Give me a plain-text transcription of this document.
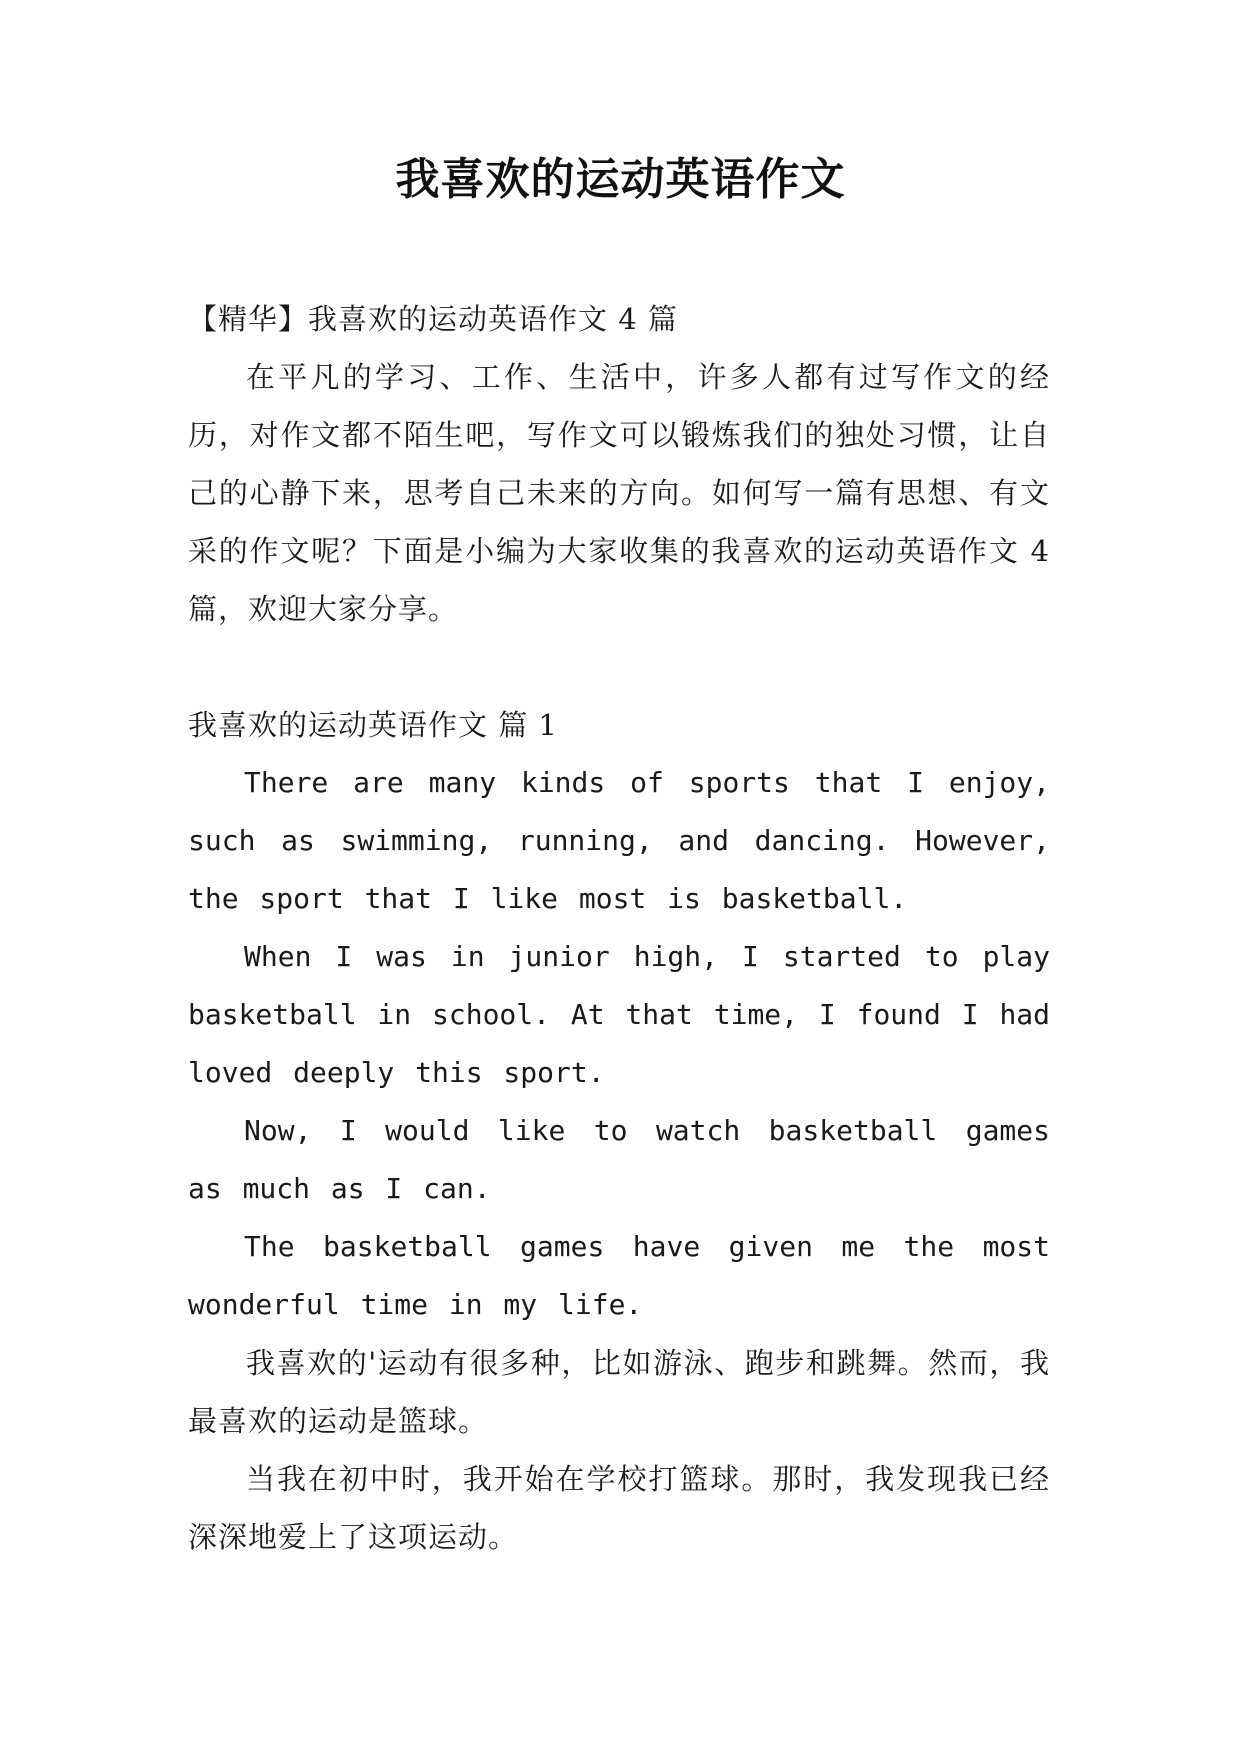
我喜欢的运动英语作文

【精华】我喜欢的运动英语作文 4 篇

在平凡的学习、工作、生活中，许多人都有过写作文的经历，对作文都不陌生吧，写作文可以锻炼我们的独处习惯，让自己的心静下来，思考自己未来的方向。如何写一篇有思想、有文采的作文呢？下面是小编为大家收集的我喜欢的运动英语作文 4 篇，欢迎大家分享。

我喜欢的运动英语作文 篇 1

There are many kinds of sports that I enjoy, such as swimming, running, and dancing. However, the sport that I like most is basketball.

When I was in junior high, I started to play basketball in school. At that time, I found I had loved deeply this sport.

Now, I would like to watch basketball games as much as I can.

The basketball games have given me the most wonderful time in my life.

我喜欢的'运动有很多种，比如游泳、跑步和跳舞。然而，我最喜欢的运动是篮球。

当我在初中时，我开始在学校打篮球。那时，我发现我已经深深地爱上了这项运动。
